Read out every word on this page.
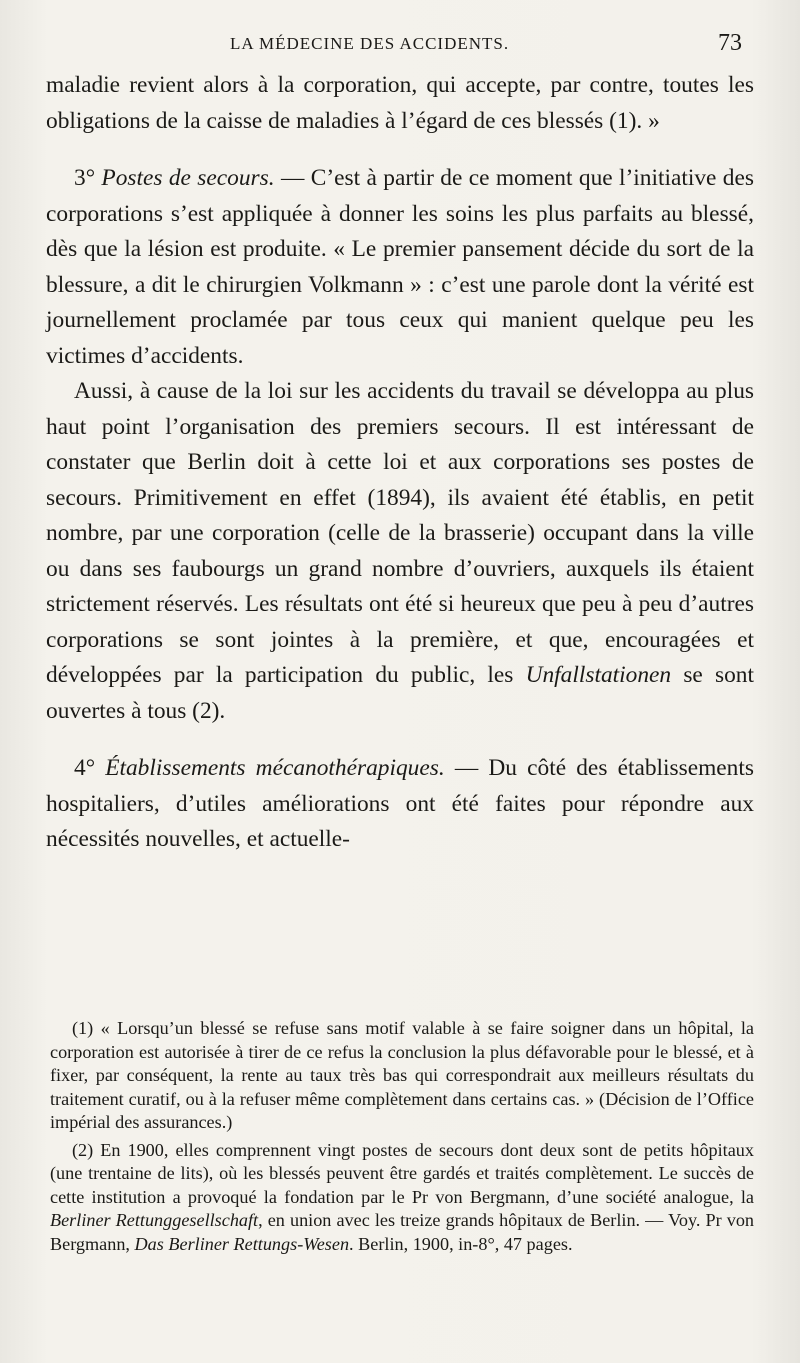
LA MÉDECINE DES ACCIDENTS.	73

maladie revient alors à la corporation, qui accepte, par contre, toutes les obligations de la caisse de maladies à l’égard de ces blessés (1). »

3° Postes de secours. — C’est à partir de ce moment que l’initiative des corporations s’est appliquée à donner les soins les plus parfaits au blessé, dès que la lésion est produite. « Le premier pansement décide du sort de la blessure, a dit le chirurgien Volkmann » : c’est une parole dont la vérité est journellement proclamée par tous ceux qui manient quelque peu les victimes d’accidents.

Aussi, à cause de la loi sur les accidents du travail se développa au plus haut point l’organisation des premiers secours. Il est intéressant de constater que Berlin doit à cette loi et aux corporations ses postes de secours. Primitivement en effet (1894), ils avaient été établis, en petit nombre, par une corporation (celle de la brasserie) occupant dans la ville ou dans ses faubourgs un grand nombre d’ouvriers, auxquels ils étaient strictement réservés. Les résultats ont été si heureux que peu à peu d’autres corporations se sont jointes à la première, et que, encouragées et développées par la participation du public, les Unfallstationen se sont ouvertes à tous (2).

4° Établissements mécanothérapiques. — Du côté des établissements hospitaliers, d’utiles améliorations ont été faites pour répondre aux nécessités nouvelles, et actuelle-

(1) « Lorsqu’un blessé se refuse sans motif valable à se faire soigner dans un hôpital, la corporation est autorisée à tirer de ce refus la conclusion la plus défavorable pour le blessé, et à fixer, par conséquent, la rente au taux très bas qui correspondrait aux meilleurs résultats du traitement curatif, ou à la refuser même complètement dans certains cas. » (Décision de l’Office impérial des assurances.)

(2) En 1900, elles comprennent vingt postes de secours dont deux sont de petits hôpitaux (une trentaine de lits), où les blessés peuvent être gardés et traités complètement. Le succès de cette institution a provoqué la fondation par le Pr von Bergmann, d’une société analogue, la Berliner Rettunggesellschaft, en union avec les treize grands hôpitaux de Berlin. — Voy. Pr von Bergmann, Das Berliner Rettungs-Wesen. Berlin, 1900, in-8°, 47 pages.
